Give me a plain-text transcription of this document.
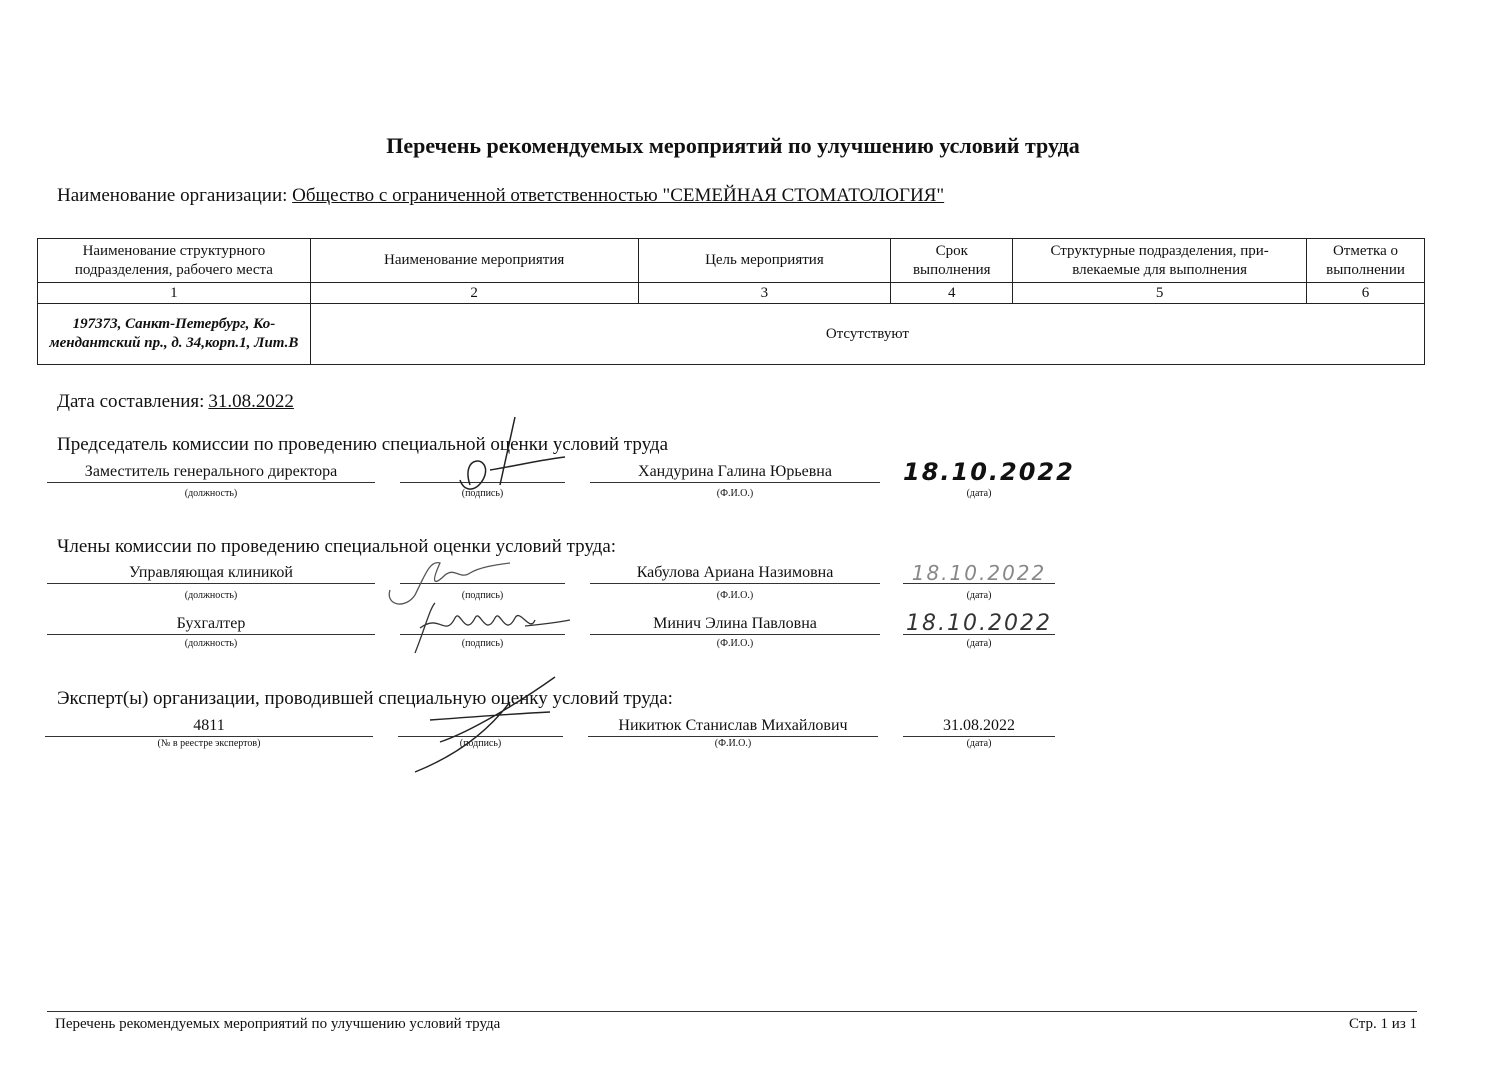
Перечень рекомендуемых мероприятий по улучшению условий труда
Наименование организации: Общество с ограниченной ответственностью "СЕМЕЙНАЯ СТОМАТОЛОГИЯ"
Наименование структурного подразделения, рабочего места	Наименование мероприятия	Цель мероприятия	Срок выполнения	Структурные подразделения, при-влекаемые для выполнения	Отметка о выполнении
1	2	3	4	5	6
197373, Санкт-Петербург, Ко-мендантский пр., д. 34,корп.1, Лит.В	Отсутствуют				
Дата составления: 31.08.2022
Председатель комиссии по проведению специальной оценки условий труда
Заместитель генерального директора	Хандурина Галина Юрьевна	18.10.2022
(должность)	(подпись)	(Ф.И.О.)	(дата)
Члены комиссии по проведению специальной оценки условий труда:
Управляющая клиникой	Кабулова Ариана Назимовна	18.10.2022
(должность)	(подпись)	(Ф.И.О.)	(дата)
Бухгалтер	Минич Элина Павловна	18.10.2022
(должность)	(подпись)	(Ф.И.О.)	(дата)
Эксперт(ы) организации, проводившей специальную оценку условий труда:
4811	Никитюк Станислав Михайлович	31.08.2022
(№ в реестре экспертов)	(подпись)	(Ф.И.О.)	(дата)
Перечень рекомендуемых мероприятий по улучшению условий труда	Стр. 1 из 1
